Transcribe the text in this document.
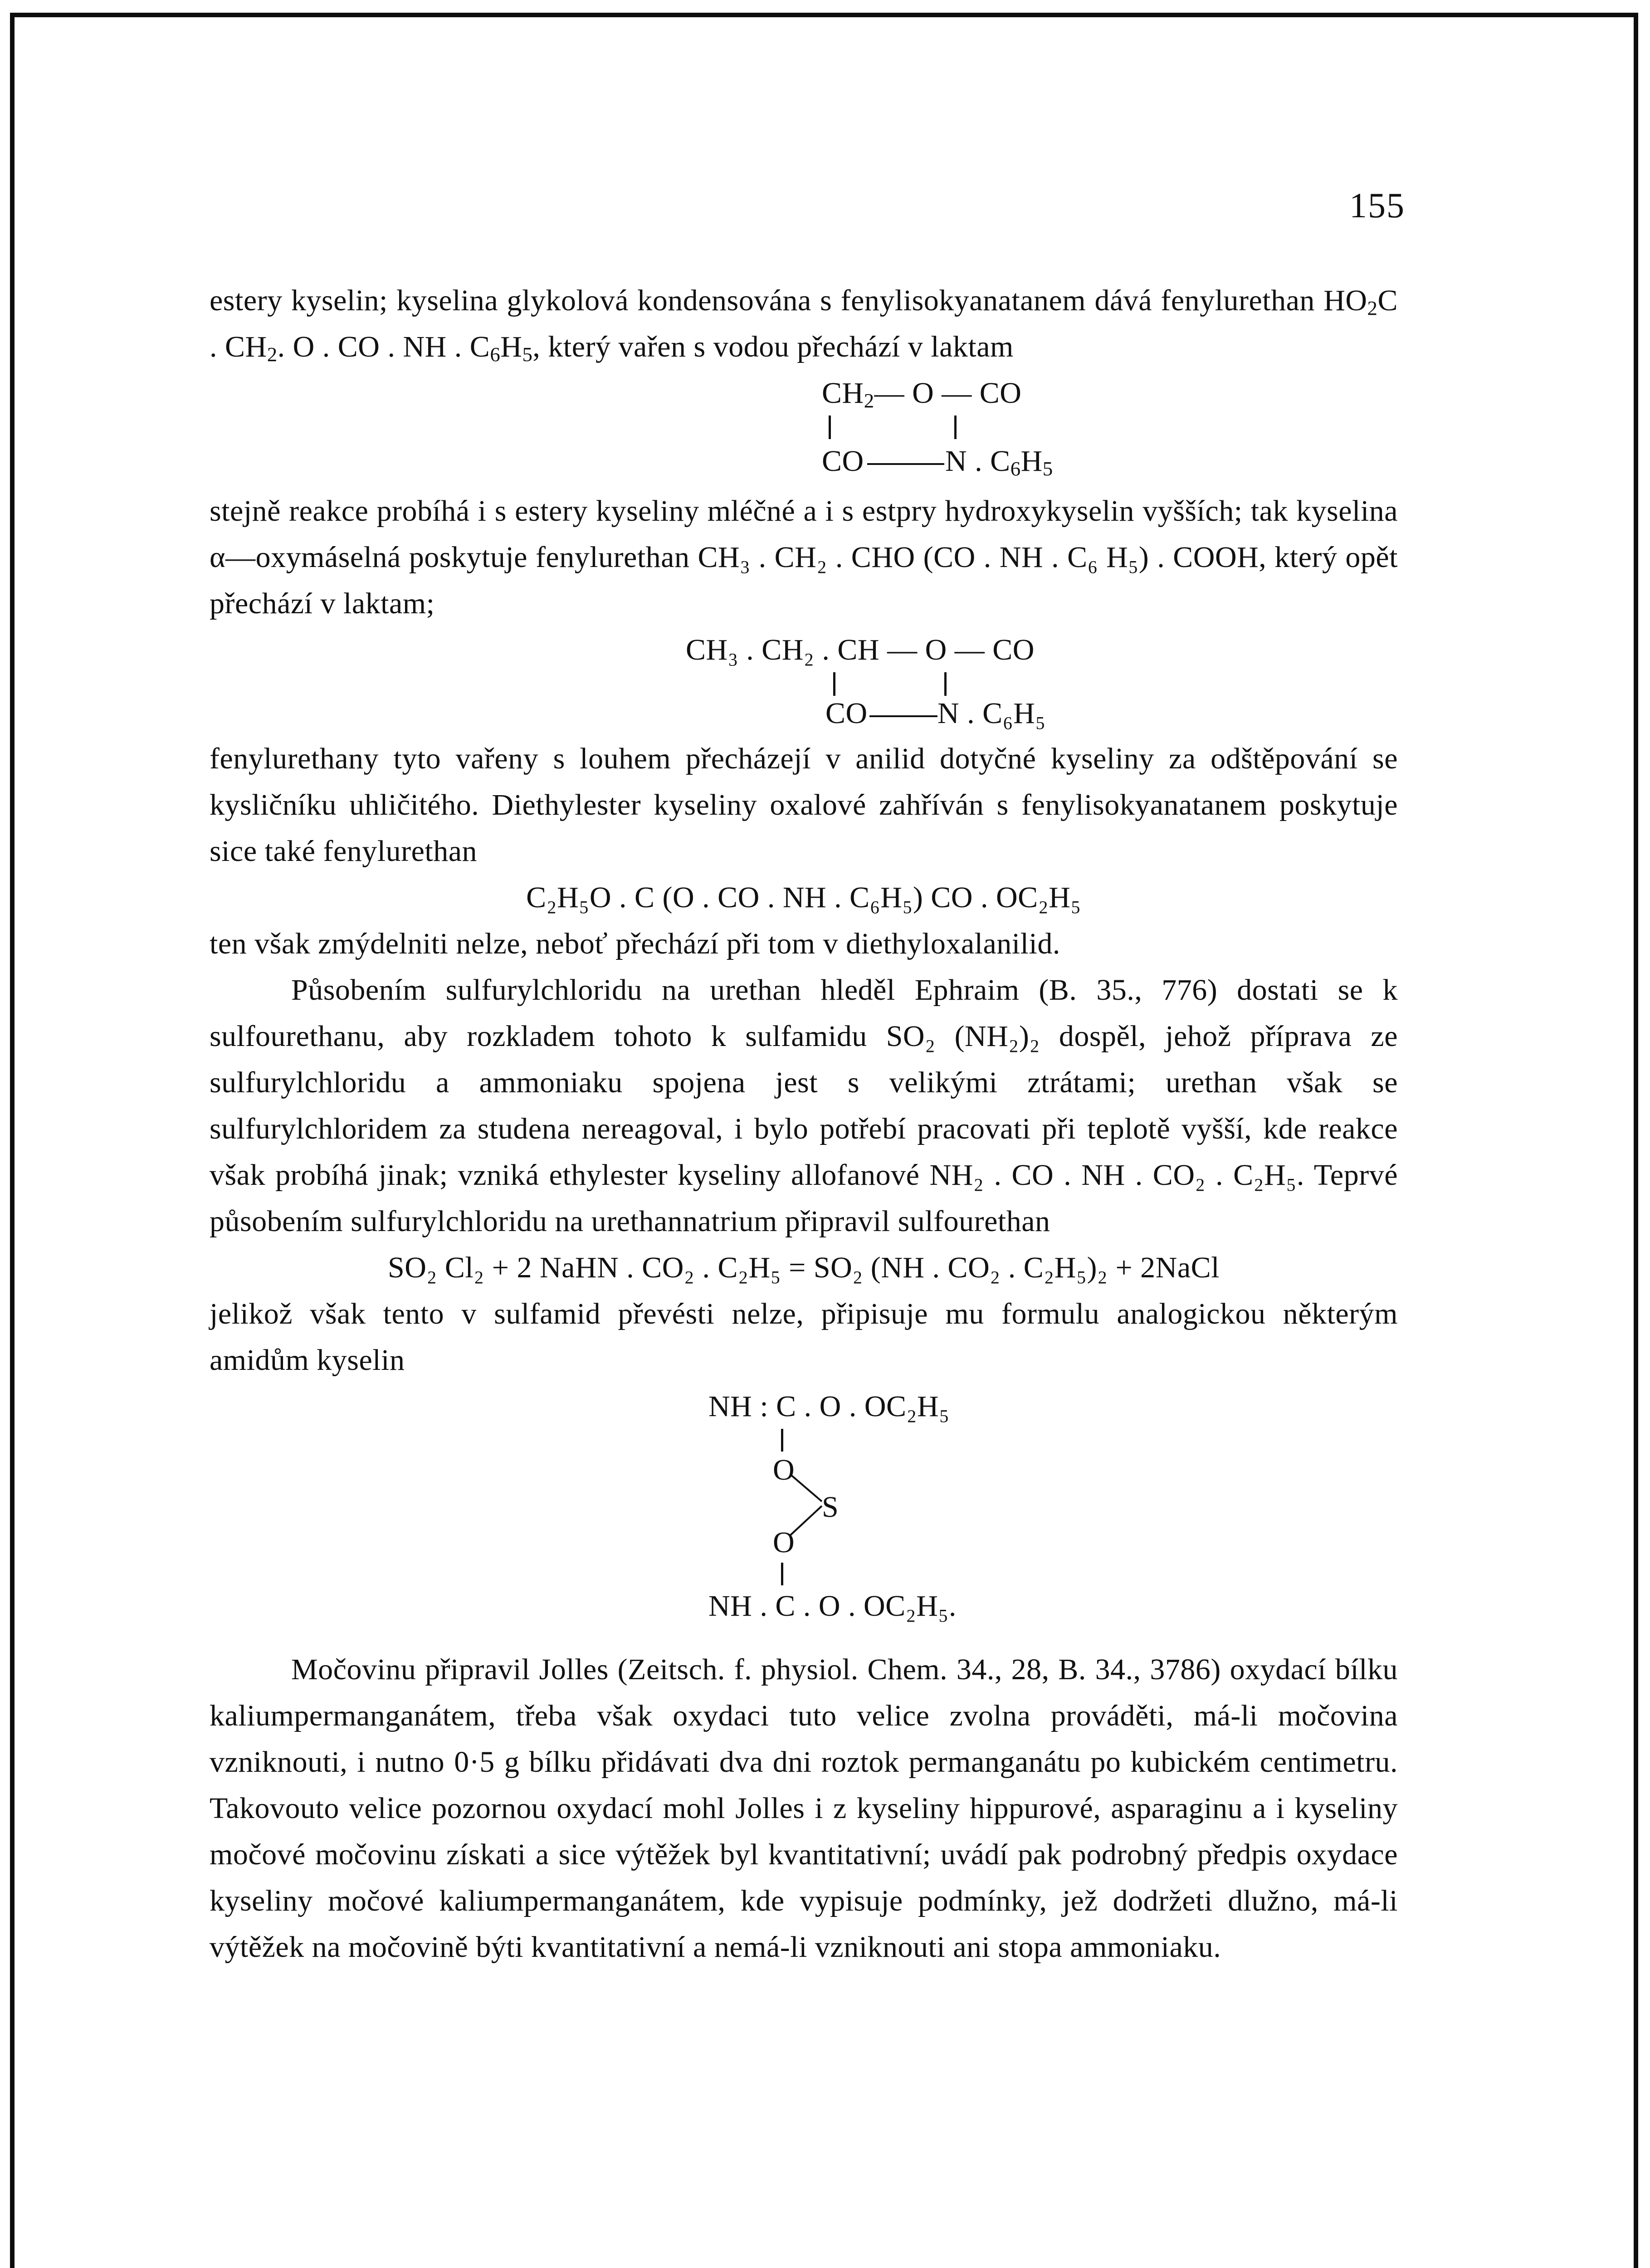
155

estery kyselin; kyselina glykolová kondensována s fenylisokyanatanem dává fenylurethan $HO_2C$ . $CH_2$. O . CO . NH . $C_6H_5$, který vařen s vodou přechází v laktam

$CH_2—$ O — CO
CO	N . $C_6H_5$

stejně reakce probíhá i s estery kyseliny mléčné a i s estpry hydroxykyselin vyšších; tak kyselina α—oxymáselná poskytuje fenylurethan CH₃ . CH₂ . CHO (CO . NH . C₆ H₅) . COOH, který opět přechází v laktam;

CH₃ . CH₂ . CH — O — CO
CO N . C₆H₅

fenylurethany tyto vařeny s louhem přecházejí v anilid dotyčné kyseliny za odštěpování se kysličníku uhličitého. Diethylester kyseliny oxalové zahříván s fenylisokyanatanem poskytuje sice také fenylurethan

C₂H₅O . C (O . CO . NH . C₆H₅) CO . OC₂H₅

ten však zmýdelniti nelze, neboť přechází při tom v diethyloxalanilid.

Působením sulfurylchloridu na urethan hleděl Ephraim (B. 35., 776) dostati se k sulfourethanu, aby rozkladem tohoto k sulfamidu SO₂ (NH₂)₂ dospěl, jehož příprava ze sulfurylchloridu a ammoniaku spojena jest s velikými ztrátami; urethan však se sulfurylchloridem za studena nereagoval, i bylo potřebí pracovati při teplotě vyšší, kde reakce však probíhá jinak; vzniká ethylester kyseliny allofanové NH₂ . CO . NH . CO₂ . C₂H₅. Teprvé působením sulfurylchloridu na urethannatrium připravil sulfourethan

SO₂ Cl₂ + 2 NaHN . CO₂ . C₂H₅ = SO₂ (NH . CO₂ . C₂H₅)₂ + 2NaCl

jelikož však tento v sulfamid převésti nelze, připisuje mu formulu analogickou některým amidům kyselin

NH : C . O . OC₂H₅
O
S
O
NH . C . O . OC₂H₅.

Močovinu připravil Jolles (Zeitsch. f. physiol. Chem. 34., 28, B. 34., 3786) oxydací bílku kaliumpermanganátem, třeba však oxydaci tuto velice zvolna prováděti, má-li močovina vzniknouti, i nutno 0·5 g bílku přidávati dva dni roztok permanganátu po kubickém centimetru. Takovouto velice pozornou oxydací mohl Jolles i z kyseliny hippurové, asparaginu a i kyseliny močové močovinu získati a sice výtěžek byl kvantitativní; uvádí pak podrobný předpis oxydace kyseliny močové kaliumpermanganátem, kde vypisuje podmínky, jež dodržeti dlužno, má-li výtěžek na močovině býti kvantitativní a nemá-li vzniknouti ani stopa ammoniaku.
